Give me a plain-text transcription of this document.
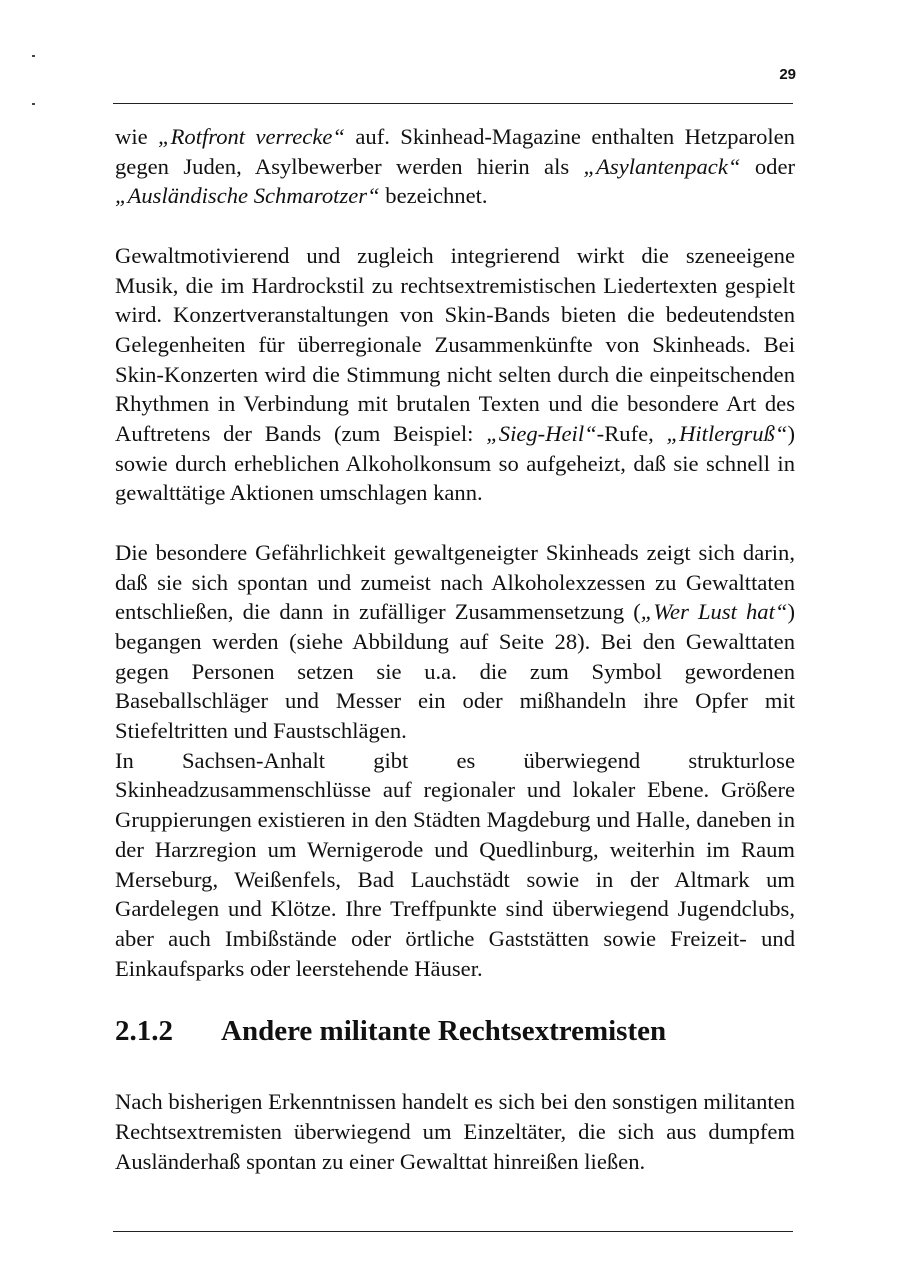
29

wie „Rotfront verrecke“ auf. Skinhead-Magazine enthalten Hetzparolen gegen Juden, Asylbewerber werden hierin als „Asylantenpack“ oder „Ausländische Schmarotzer“ bezeichnet.

Gewaltmotivierend und zugleich integrierend wirkt die szeneeigene Musik, die im Hardrockstil zu rechtsextremistischen Liedertexten gespielt wird. Konzertveranstaltungen von Skin-Bands bieten die bedeutendsten Gelegenheiten für überregionale Zusammenkünfte von Skinheads. Bei Skin-Konzerten wird die Stimmung nicht selten durch die einpeitschenden Rhythmen in Verbindung mit brutalen Texten und die besondere Art des Auftretens der Bands (zum Beispiel: „Sieg-Heil“-Rufe, „Hitlergruß“) sowie durch erheblichen Alkoholkonsum so aufgeheizt, daß sie schnell in gewalttätige Aktionen umschlagen kann.

Die besondere Gefährlichkeit gewaltgeneigter Skinheads zeigt sich darin, daß sie sich spontan und zumeist nach Alkoholexzessen zu Gewalttaten entschließen, die dann in zufälliger Zusammensetzung („Wer Lust hat“) begangen werden (siehe Abbildung auf Seite 28). Bei den Gewalttaten gegen Personen setzen sie u.a. die zum Symbol gewordenen Baseballschläger und Messer ein oder mißhandeln ihre Opfer mit Stiefeltritten und Faustschlägen.

In Sachsen-Anhalt gibt es überwiegend strukturlose Skinheadzusammenschlüsse auf regionaler und lokaler Ebene. Größere Gruppierungen existieren in den Städten Magdeburg und Halle, daneben in der Harzregion um Wernigerode und Quedlinburg, weiterhin im Raum Merseburg, Weißenfels, Bad Lauchstädt sowie in der Altmark um Gardelegen und Klötze. Ihre Treffpunkte sind überwiegend Jugendclubs, aber auch Imbißstände oder örtliche Gaststätten sowie Freizeit- und Einkaufsparks oder leerstehende Häuser.

2.1.2	Andere militante Rechtsextremisten

Nach bisherigen Erkenntnissen handelt es sich bei den sonstigen militanten Rechtsextremisten überwiegend um Einzeltäter, die sich aus dumpfem Ausländerhaß spontan zu einer Gewalttat hinreißen ließen.
